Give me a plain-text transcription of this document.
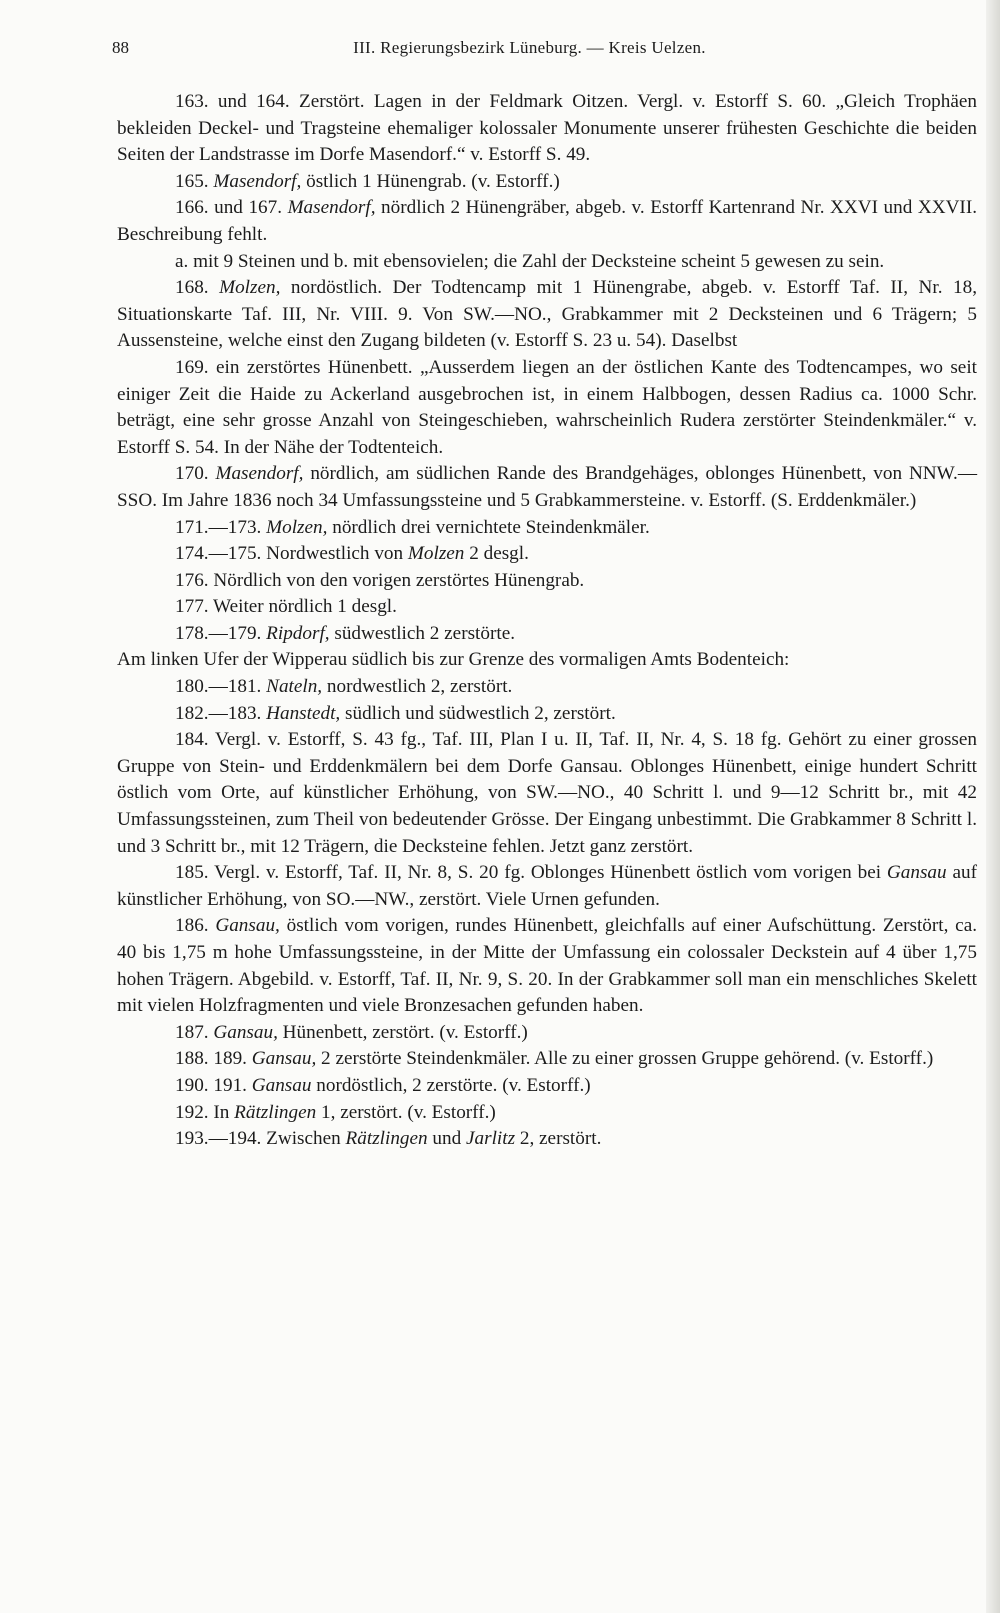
88	III. Regierungsbezirk Lüneburg. — Kreis Uelzen.

163. und 164. Zerstört. Lagen in der Feldmark Oitzen. Vergl. v. Estorff S. 60. „Gleich Trophäen bekleiden Deckel- und Tragsteine ehemaliger kolossaler Monumente unserer frühesten Geschichte die beiden Seiten der Landstrasse im Dorfe Masendorf.“ v. Estorff S. 49.

165. Masendorf, östlich 1 Hünengrab. (v. Estorff.)

166. und 167. Masendorf, nördlich 2 Hünengräber, abgeb. v. Estorff Kartenrand Nr. XXVI und XXVII. Beschreibung fehlt.

a. mit 9 Steinen und b. mit ebensovielen; die Zahl der Decksteine scheint 5 gewesen zu sein.

168. Molzen, nordöstlich. Der Todtencamp mit 1 Hünengrabe, abgeb. v. Estorff Taf. II, Nr. 18, Situationskarte Taf. III, Nr. VIII. 9. Von SW.—NO., Grabkammer mit 2 Decksteinen und 6 Trägern; 5 Aussensteine, welche einst den Zugang bildeten (v. Estorff S. 23 u. 54). Daselbst

169. ein zerstörtes Hünenbett. „Ausserdem liegen an der östlichen Kante des Todtencampes, wo seit einiger Zeit die Haide zu Ackerland ausgebrochen ist, in einem Halbbogen, dessen Radius ca. 1000 Schr. beträgt, eine sehr grosse Anzahl von Steingeschieben, wahrscheinlich Rudera zerstörter Steindenkmäler.“ v. Estorff S. 54. In der Nähe der Todtenteich.

170. Masendorf, nördlich, am südlichen Rande des Brandgehäges, oblonges Hünenbett, von NNW.—SSO. Im Jahre 1836 noch 34 Umfassungssteine und 5 Grabkammersteine. v. Estorff. (S. Erddenkmäler.)

171.—173. Molzen, nördlich drei vernichtete Steindenkmäler.

174.—175. Nordwestlich von Molzen 2 desgl.

176. Nördlich von den vorigen zerstörtes Hünengrab.

177. Weiter nördlich 1 desgl.

178.—179. Ripdorf, südwestlich 2 zerstörte.

Am linken Ufer der Wipperau südlich bis zur Grenze des vormaligen Amts Bodenteich:

180.—181. Nateln, nordwestlich 2, zerstört.

182.—183. Hanstedt, südlich und südwestlich 2, zerstört.

184. Vergl. v. Estorff, S. 43 fg., Taf. III, Plan I u. II, Taf. II, Nr. 4, S. 18 fg. Gehört zu einer grossen Gruppe von Stein- und Erddenkmälern bei dem Dorfe Gansau. Oblonges Hünenbett, einige hundert Schritt östlich vom Orte, auf künstlicher Erhöhung, von SW.—NO., 40 Schritt l. und 9—12 Schritt br., mit 42 Umfassungssteinen, zum Theil von bedeutender Grösse. Der Eingang unbestimmt. Die Grabkammer 8 Schritt l. und 3 Schritt br., mit 12 Trägern, die Decksteine fehlen. Jetzt ganz zerstört.

185. Vergl. v. Estorff, Taf. II, Nr. 8, S. 20 fg. Oblonges Hünenbett östlich vom vorigen bei Gansau auf künstlicher Erhöhung, von SO.—NW., zerstört. Viele Urnen gefunden.

186. Gansau, östlich vom vorigen, rundes Hünenbett, gleichfalls auf einer Aufschüttung. Zerstört, ca. 40 bis 1,75 m hohe Umfassungssteine, in der Mitte der Umfassung ein colossaler Deckstein auf 4 über 1,75 hohen Trägern. Abgebild. v. Estorff, Taf. II, Nr. 9, S. 20. In der Grabkammer soll man ein menschliches Skelett mit vielen Holzfragmenten und viele Bronzesachen gefunden haben.

187. Gansau, Hünenbett, zerstört. (v. Estorff.)

188. 189. Gansau, 2 zerstörte Steindenkmäler. Alle zu einer grossen Gruppe gehörend. (v. Estorff.)

190. 191. Gansau nordöstlich, 2 zerstörte. (v. Estorff.)

192. In Rätzlingen 1, zerstört. (v. Estorff.)

193.—194. Zwischen Rätzlingen und Jarlitz 2, zerstört.
